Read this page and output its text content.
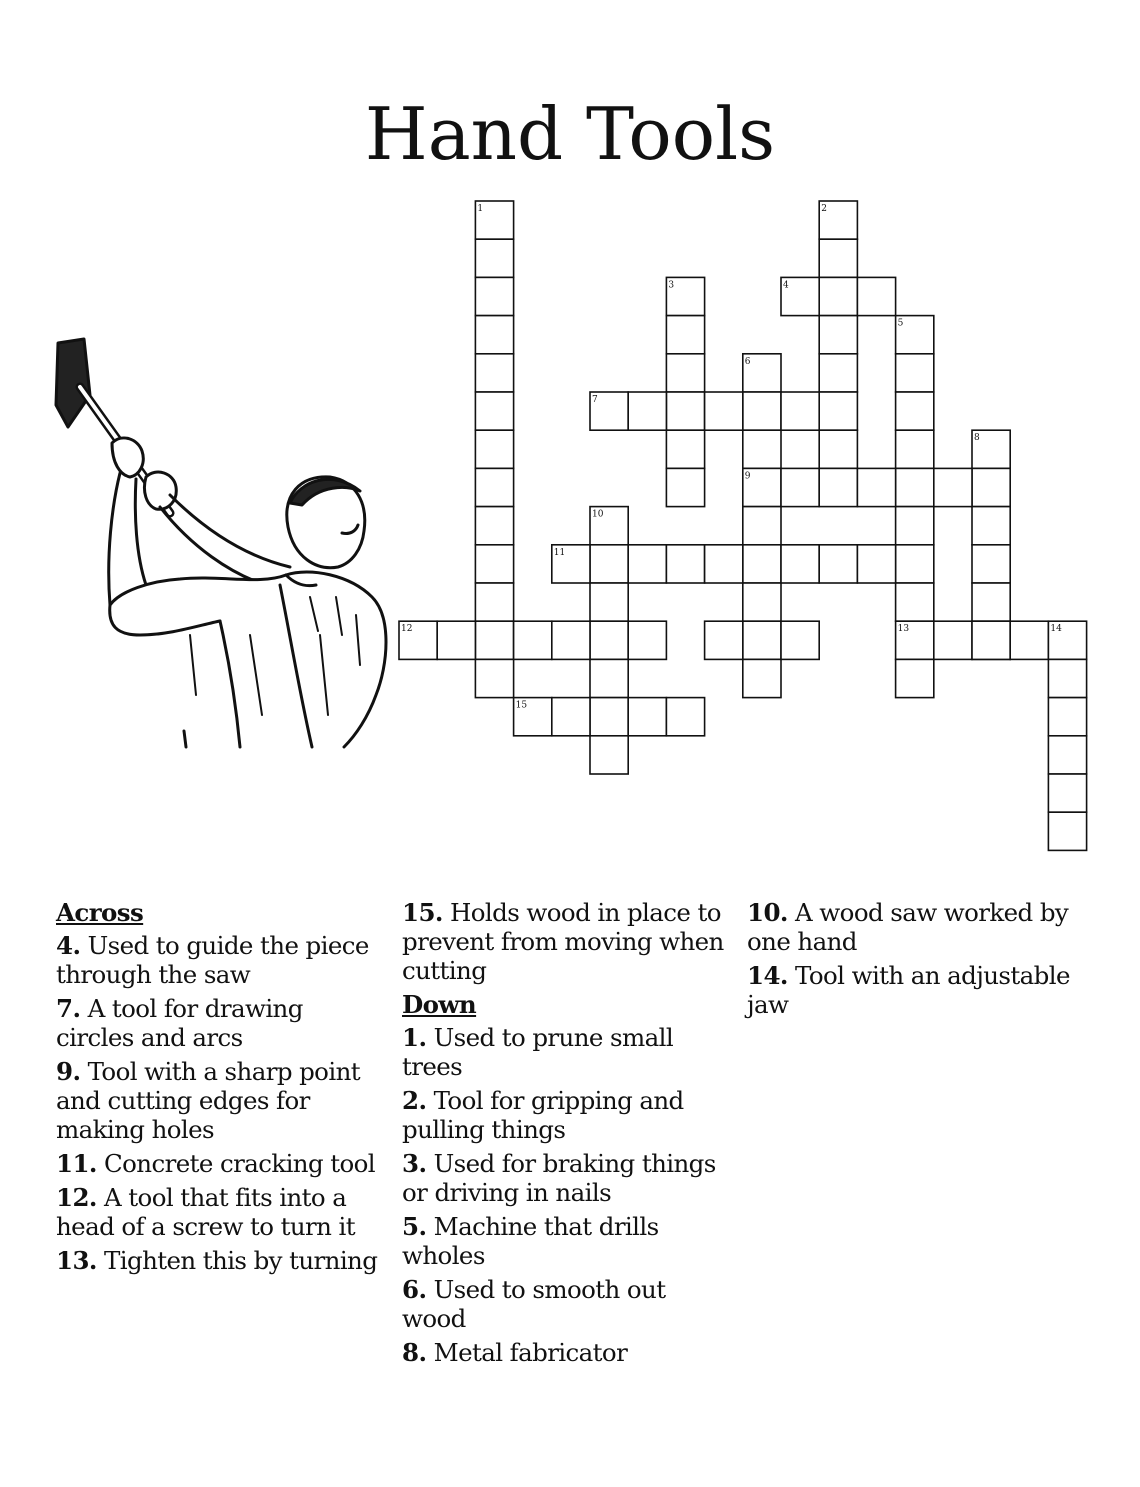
Hand Tools
1	2
3	4
5
6
7
8
9
10
11
12	13	14
15
Across
4. Used to guide the piece through the saw
7. A tool for drawing circles and arcs
9. Tool with a sharp point and cutting edges for making holes
11. Concrete cracking tool
12. A tool that fits into a head of a screw to turn it
13. Tighten this by turning
15. Holds wood in place to prevent from moving when cutting
Down
1. Used to prune small trees
2. Tool for gripping and pulling things
3. Used for braking things or driving in nails
5. Machine that drills wholes
6. Used to smooth out wood
8. Metal fabricator
10. A wood saw worked by one hand
14. Tool with an adjustable jaw
